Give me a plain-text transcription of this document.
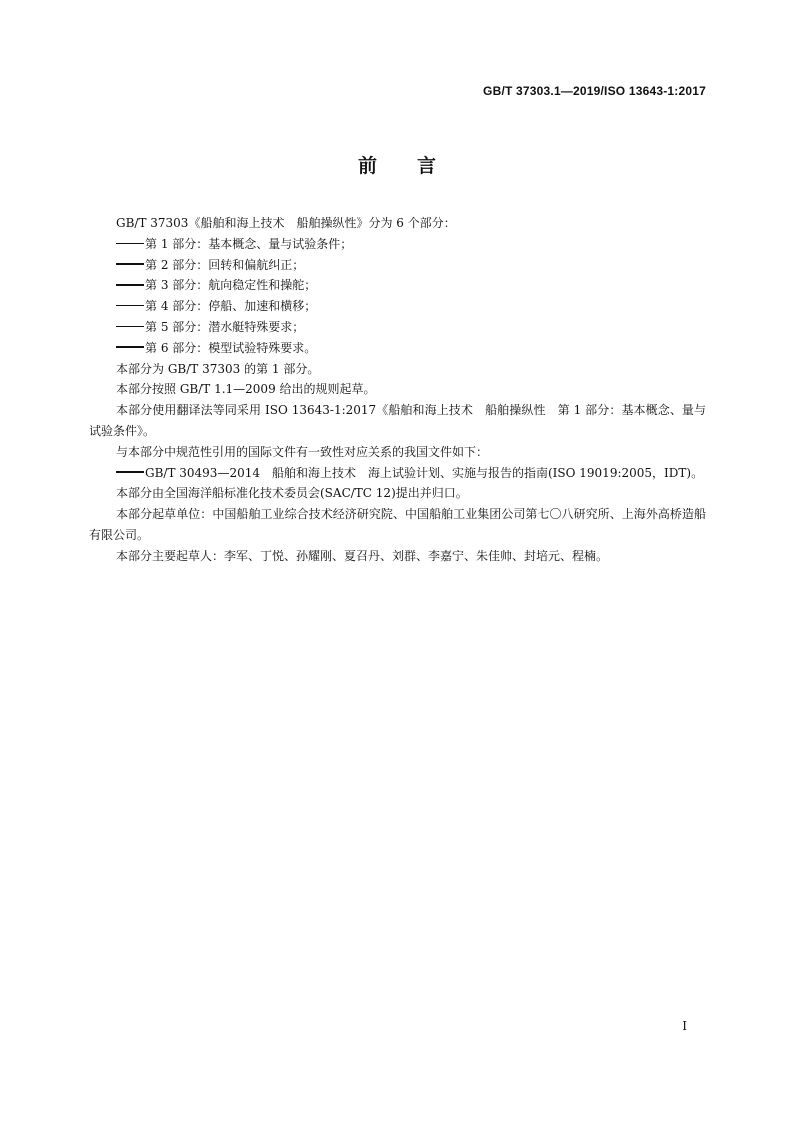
GB/T 37303.1—2019/ISO 13643-1:2017
前言

GB/T 37303《船舶和海上技术　船舶操纵性》分为 6 个部分：

第 1 部分：基本概念、量与试验条件；

第 2 部分：回转和偏航纠正；

第 3 部分：航向稳定性和操舵；

第 4 部分：停船、加速和横移；

第 5 部分：潜水艇特殊要求；

第 6 部分：模型试验特殊要求。

本部分为 GB/T 37303 的第 1 部分。

本部分按照 GB/T 1.1—2009 给出的规则起草。

本部分使用翻译法等同采用 ISO 13643-1:2017《船舶和海上技术　船舶操纵性　第 1 部分：基本概念、量与试验条件》。

与本部分中规范性引用的国际文件有一致性对应关系的我国文件如下：

GB/T 30493—2014　船舶和海上技术　海上试验计划、实施与报告的指南(ISO 19019:2005，IDT)。

本部分由全国海洋船标准化技术委员会(SAC/TC 12)提出并归口。

本部分起草单位：中国船舶工业综合技术经济研究院、中国船舶工业集团公司第七〇八研究所、上海外高桥造船有限公司。

本部分主要起草人：李军、丁悦、孙耀刚、夏召丹、刘群、李嘉宁、朱佳帅、封培元、程楠。

I
